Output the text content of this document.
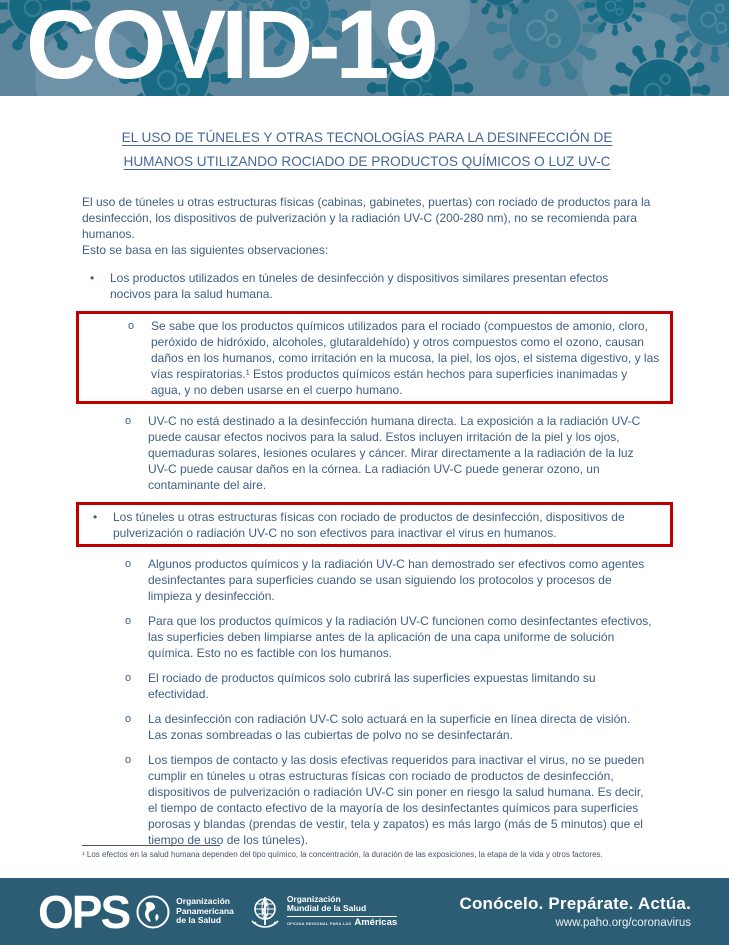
COVID-19
EL USO DE TÚNELES Y OTRAS TECNOLOGÍAS PARA LA DESINFECCIÓN DE
HUMANOS UTILIZANDO ROCIADO DE PRODUCTOS QUÍMICOS O LUZ UV-C

El uso de túneles u otras estructuras físicas (cabinas, gabinetes, puertas) con rociado de productos para la desinfección, los dispositivos de pulverización y la radiación UV-C (200-280 nm), no se recomienda para humanos.

Esto se basa en las siguientes observaciones:

•	Los productos utilizados en túneles de desinfección y dispositivos similares presentan efectos nocivos para la salud humana.
o	Se sabe que los productos químicos utilizados para el rociado (compuestos de amonio, cloro, peróxido de hidróxido, alcoholes, glutaraldehído) y otros compuestos como el ozono, causan daños en los humanos, como irritación en la mucosa, la piel, los ojos, el sistema digestivo, y las vías respiratorias.¹ Estos productos químicos están hechos para superficies inanimadas y agua, y no deben usarse en el cuerpo humano.
o	UV-C no está destinado a la desinfección humana directa. La exposición a la radiación UV-C puede causar efectos nocivos para la salud. Estos incluyen irritación de la piel y los ojos, quemaduras solares, lesiones oculares y cáncer. Mirar directamente a la radiación de la luz UV-C puede causar daños en la córnea. La radiación UV-C puede generar ozono, un contaminante del aire.
•	Los túneles u otras estructuras físicas con rociado de productos de desinfección, dispositivos de pulverización o radiación UV-C no son efectivos para inactivar el virus en humanos.
o	Algunos productos químicos y la radiación UV-C han demostrado ser efectivos como agentes desinfectantes para superficies cuando se usan siguiendo los protocolos y procesos de limpieza y desinfección.
o	Para que los productos químicos y la radiación UV-C funcionen como desinfectantes efectivos, las superficies deben limpiarse antes de la aplicación de una capa uniforme de solución química. Esto no es factible con los humanos.
o	El rociado de productos químicos solo cubrirá las superficies expuestas limitando su efectividad.
o	La desinfección con radiación UV-C solo actuará en la superficie en línea directa de visión. Las zonas sombreadas o las cubiertas de polvo no se desinfectarán.
o	Los tiempos de contacto y las dosis efectivas requeridos para inactivar el virus, no se pueden cumplir en túneles u otras estructuras físicas con rociado de productos de desinfección, dispositivos de pulverización o radiación UV-C sin poner en riesgo la salud humana. Es decir, el tiempo de contacto efectivo de la mayoría de los desinfectantes químicos para superficies porosas y blandas (prendas de vestir, tela y zapatos) es más largo (más de 5 minutos) que el tiempo de uso de los túneles).

¹ Los efectos en la salud humana dependen del tipo químico, la concentración, la duración de las exposiciones, la etapa de la vida y otros factores.

OPS	Organización
Panamericana
de la Salud
Organización
Mundial de la Salud
OFICINA REGIONAL PARA LAS Américas
Conócelo. Prepárate. Actúa.
www.paho.org/coronavirus
